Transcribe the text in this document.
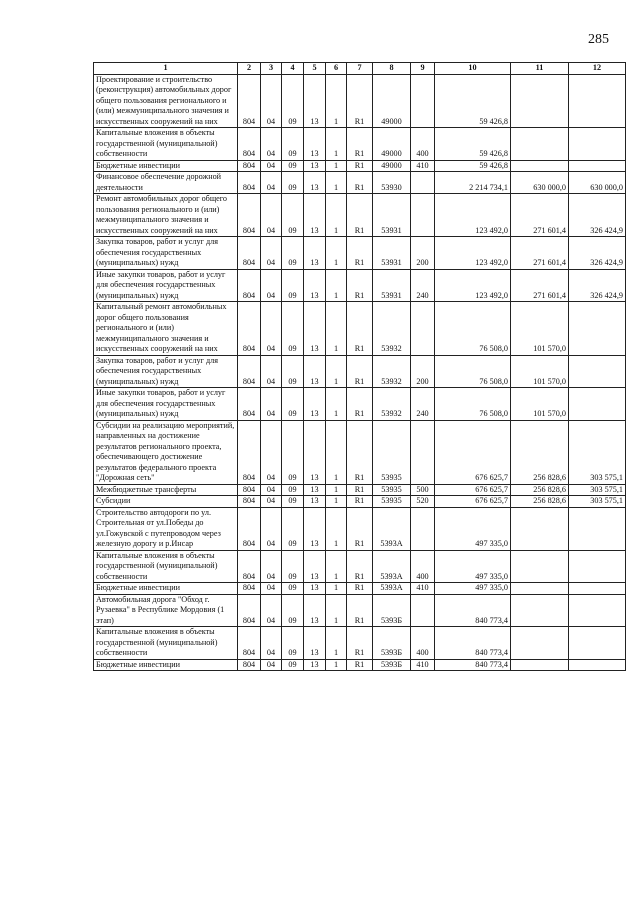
285
1	2	3	4	5	6	7	8	9	10	11	12
Проектирование и строительство (реконструкция) автомобильных дорог общего пользования регионального и (или) межмуниципального значения и искусственных сооружений на них	804	04	09	13	1	R1	49000		59 426,8		
Капитальные вложения в объекты государственной (муниципальной) собственности	804	04	09	13	1	R1	49000	400	59 426,8		
Бюджетные инвестиции	804	04	09	13	1	R1	49000	410	59 426,8		
Финансовое обеспечение дорожной деятельности	804	04	09	13	1	R1	53930		2 214 734,1	630 000,0	630 000,0
Ремонт автомобильных дорог общего пользования регионального и (или) межмуниципального значения и искусственных сооружений на них	804	04	09	13	1	R1	53931		123 492,0	271 601,4	326 424,9
Закупка товаров, работ и услуг для обеспечения государственных (муниципальных) нужд	804	04	09	13	1	R1	53931	200	123 492,0	271 601,4	326 424,9
Иные закупки товаров, работ и услуг для обеспечения государственных (муниципальных) нужд	804	04	09	13	1	R1	53931	240	123 492,0	271 601,4	326 424,9
Капитальный ремонт автомобильных дорог общего пользования регионального и (или) межмуниципального значения и искусственных сооружений на них	804	04	09	13	1	R1	53932		76 508,0	101 570,0	
Закупка товаров, работ и услуг для обеспечения государственных (муниципальных) нужд	804	04	09	13	1	R1	53932	200	76 508,0	101 570,0	
Иные закупки товаров, работ и услуг для обеспечения государственных (муниципальных) нужд	804	04	09	13	1	R1	53932	240	76 508,0	101 570,0	
Субсидии на реализацию мероприятий, направленных на достижение результатов регионального проекта, обеспечивающего достижение результатов федерального проекта "Дорожная сеть"	804	04	09	13	1	R1	53935		676 625,7	256 828,6	303 575,1
Межбюджетные трансферты	804	04	09	13	1	R1	53935	500	676 625,7	256 828,6	303 575,1
Субсидии	804	04	09	13	1	R1	53935	520	676 625,7	256 828,6	303 575,1
Строительство автодороги по ул. Строительная от ул.Победы до ул.Гожувской с путепроводом через железную дорогу и р.Инсар	804	04	09	13	1	R1	5393А		497 335,0		
Капитальные вложения в объекты государственной (муниципальной) собственности	804	04	09	13	1	R1	5393А	400	497 335,0		
Бюджетные инвестиции	804	04	09	13	1	R1	5393А	410	497 335,0		
Автомобильная дорога "Обход г. Рузаевка" в Республике Мордовия (1 этап)	804	04	09	13	1	R1	5393Б		840 773,4		
Капитальные вложения в объекты государственной (муниципальной) собственности	804	04	09	13	1	R1	5393Б	400	840 773,4		
Бюджетные инвестиции	804	04	09	13	1	R1	5393Б	410	840 773,4		
